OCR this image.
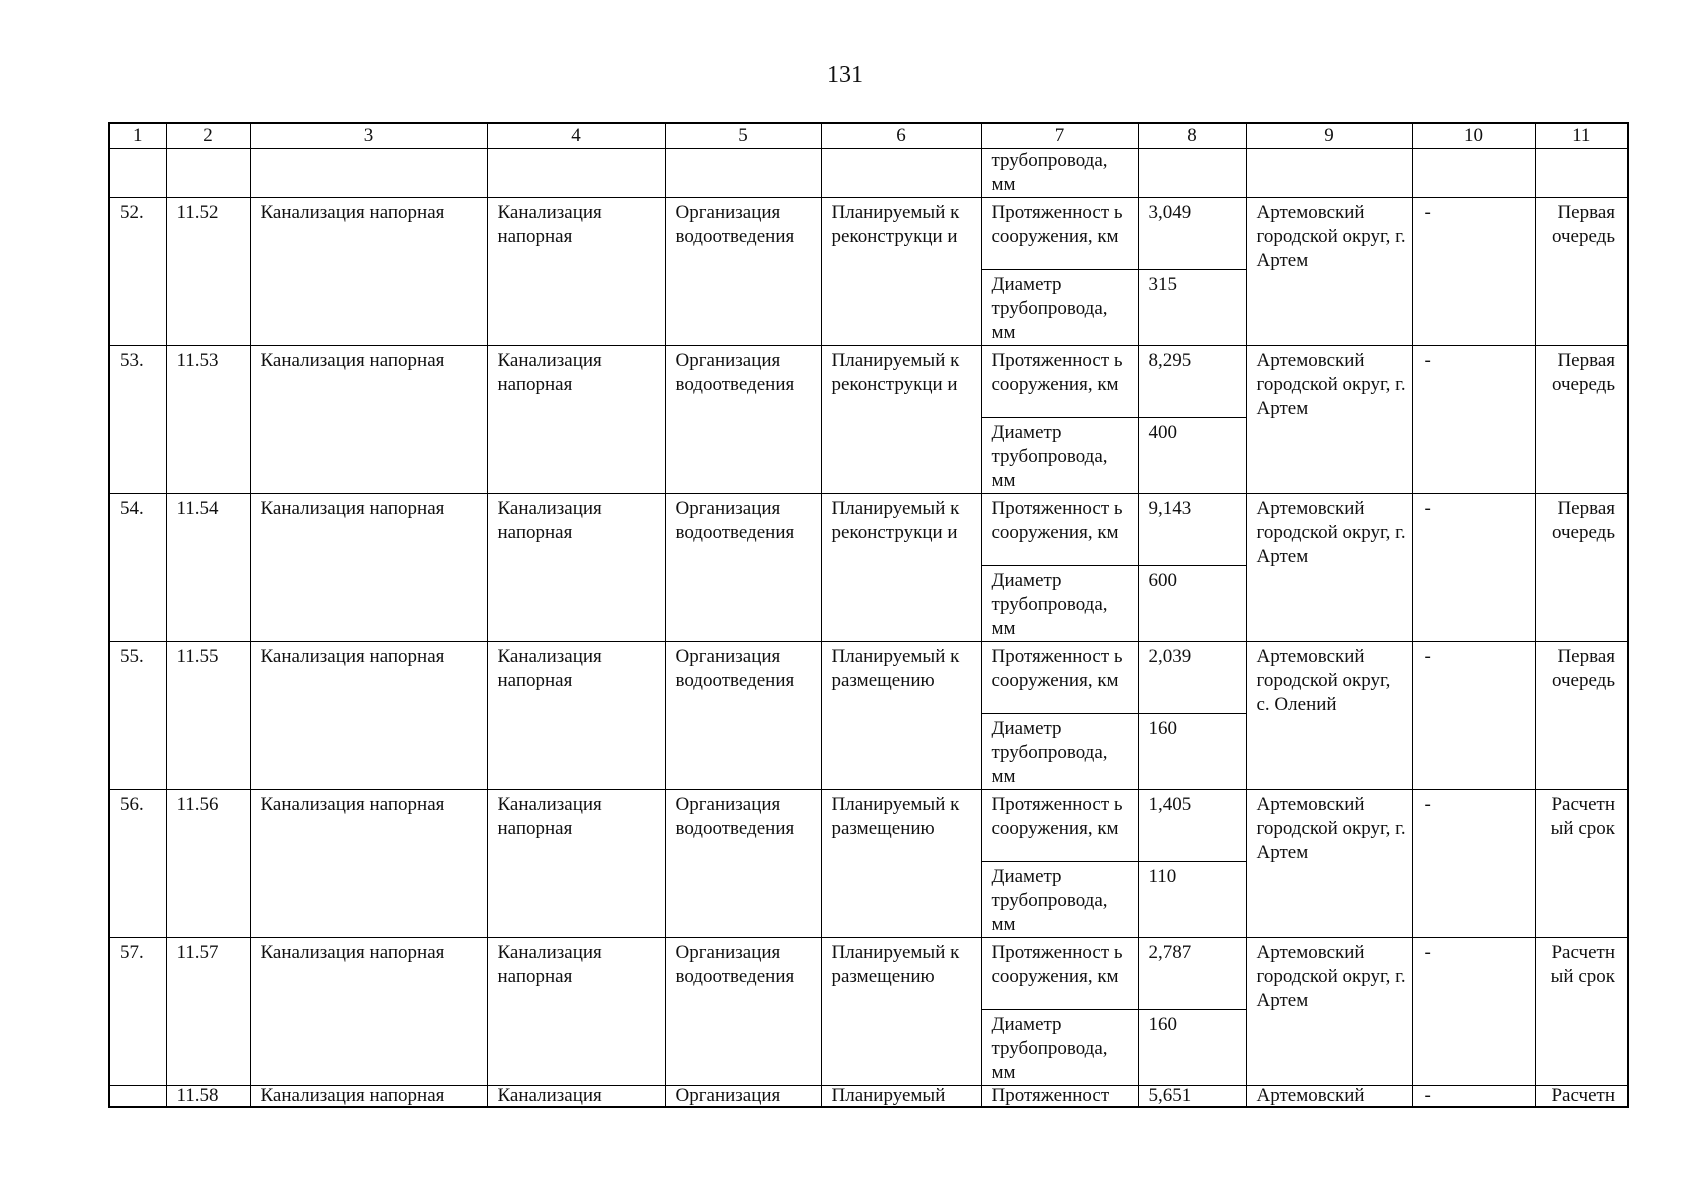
131
1	2	3	4	5	6	7	8	9	10	11
						трубопровода, мм				
52.	11.52	Канализация напорная	Канализация напорная	Организация водоотведения	Планируемый к реконструкци и	Протяженност ь сооружения, км	3,049	Артемовский городской округ, г. Артем	-	Первая очередь
						Диаметр трубопровода, мм	315			
53.	11.53	Канализация напорная	Канализация напорная	Организация водоотведения	Планируемый к реконструкци и	Протяженност ь сооружения, км	8,295	Артемовский городской округ, г. Артем	-	Первая очередь
						Диаметр трубопровода, мм	400			
54.	11.54	Канализация напорная	Канализация напорная	Организация водоотведения	Планируемый к реконструкци и	Протяженност ь сооружения, км	9,143	Артемовский городской округ, г. Артем	-	Первая очередь
						Диаметр трубопровода, мм	600			
55.	11.55	Канализация напорная	Канализация напорная	Организация водоотведения	Планируемый к размещению	Протяженност ь сооружения, км	2,039	Артемовский городской округ, с. Олений	-	Первая очередь
						Диаметр трубопровода, мм	160			
56.	11.56	Канализация напорная	Канализация напорная	Организация водоотведения	Планируемый к размещению	Протяженност ь сооружения, км	1,405	Артемовский городской округ, г. Артем	-	Расчетн ый срок
						Диаметр трубопровода, мм	110			
57.	11.57	Канализация напорная	Канализация напорная	Организация водоотведения	Планируемый к размещению	Протяженност ь сооружения, км	2,787	Артемовский городской округ, г. Артем	-	Расчетн ый срок
						Диаметр трубопровода, мм	160			
	11.58	Канализация напорная	Канализация	Организация	Планируемый	Протяженност	5,651	Артемовский	-	Расчетн
